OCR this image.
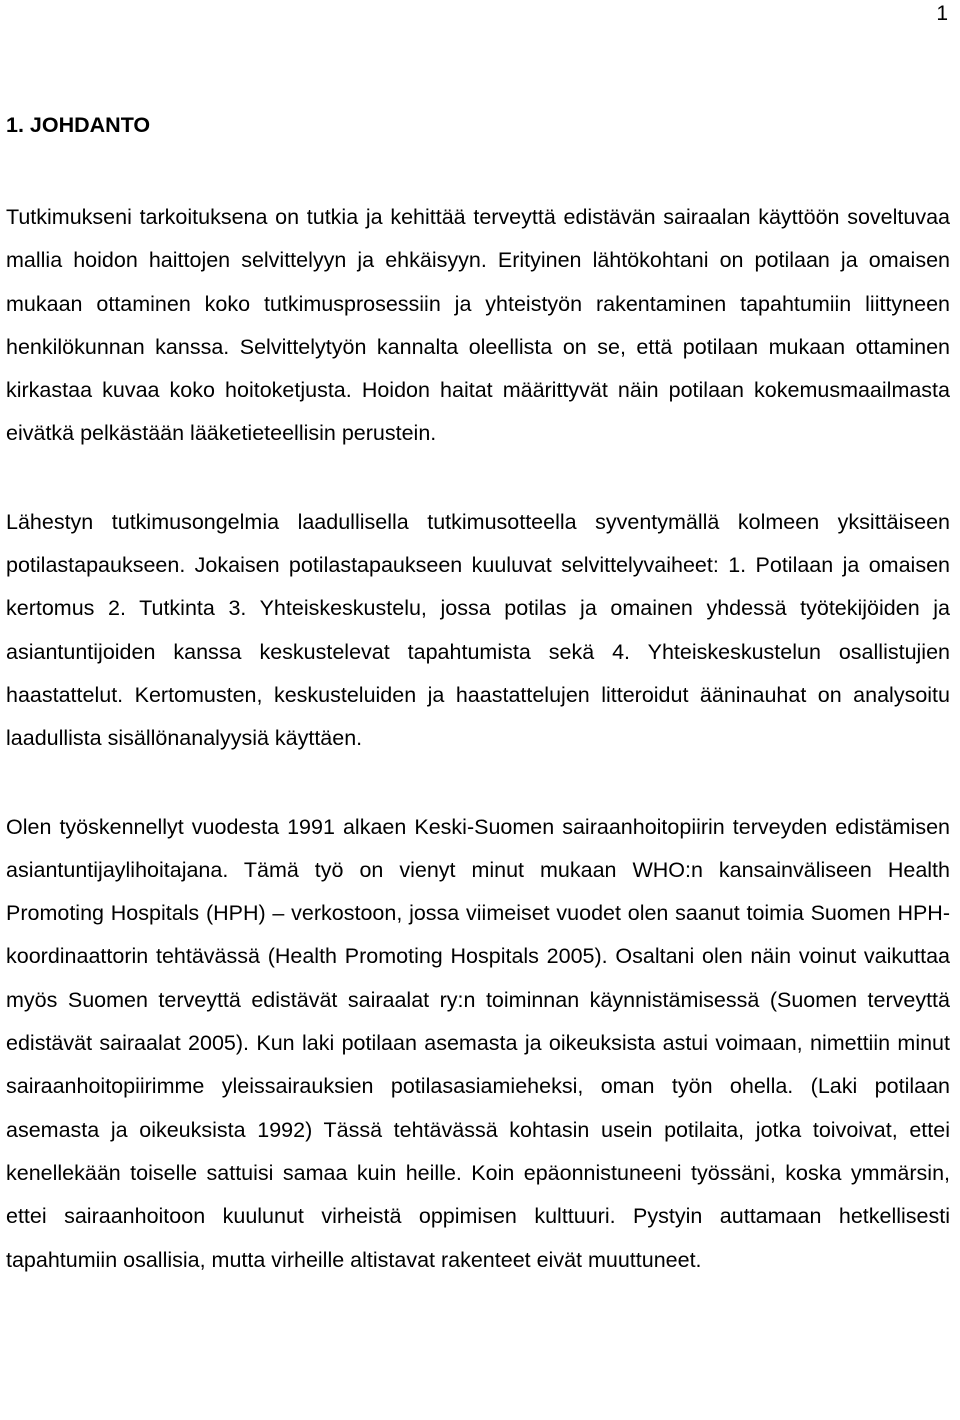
1
1. JOHDANTO

Tutkimukseni tarkoituksena on tutkia ja kehittää terveyttä edistävän sairaalan käyttöön soveltuvaa mallia hoidon haittojen selvittelyyn ja ehkäisyyn. Erityinen lähtökohtani on potilaan ja omaisen mukaan ottaminen koko tutkimusprosessiin ja yhteistyön rakentaminen tapahtumiin liittyneen henkilökunnan kanssa. Selvittelytyön kannalta oleellista on se, että potilaan mukaan ottaminen kirkastaa kuvaa koko hoitoketjusta. Hoidon haitat määrittyvät näin potilaan kokemusmaailmasta eivätkä pelkästään lääketieteellisin perustein.

Lähestyn tutkimusongelmia laadullisella tutkimusotteella syventymällä kolmeen yksittäiseen potilastapaukseen. Jokaisen potilastapaukseen kuuluvat selvittelyvaiheet: 1. Potilaan ja omaisen kertomus 2. Tutkinta 3. Yhteiskeskustelu, jossa potilas ja omainen yhdessä työtekijöiden ja asiantuntijoiden kanssa keskustelevat tapahtumista sekä 4. Yhteiskeskustelun osallistujien haastattelut. Kertomusten, keskusteluiden ja haastattelujen litteroidut ääninauhat on analysoitu laadullista sisällönanalyysiä käyttäen.

Olen työskennellyt vuodesta 1991 alkaen Keski-Suomen sairaanhoitopiirin terveyden edistämisen asiantuntijaylihoitajana. Tämä työ on vienyt minut mukaan WHO:n kansainväliseen Health Promoting Hospitals (HPH) – verkostoon, jossa viimeiset vuodet olen saanut toimia Suomen HPH-koordinaattorin tehtävässä (Health Promoting Hospitals 2005). Osaltani olen näin voinut vaikuttaa myös Suomen terveyttä edistävät sairaalat ry:n toiminnan käynnistämisessä (Suomen terveyttä edistävät sairaalat 2005). Kun laki potilaan asemasta ja oikeuksista astui voimaan, nimettiin minut sairaanhoitopiirimme yleissairauksien potilasasiamieheksi, oman työn ohella. (Laki potilaan asemasta ja oikeuksista 1992) Tässä tehtävässä kohtasin usein potilaita, jotka toivoivat, ettei kenellekään toiselle sattuisi samaa kuin heille. Koin epäonnistuneeni työssäni, koska ymmärsin, ettei sairaanhoitoon kuulunut virheistä oppimisen kulttuuri. Pystyin auttamaan hetkellisesti tapahtumiin osallisia, mutta virheille altistavat rakenteet eivät muuttuneet.
